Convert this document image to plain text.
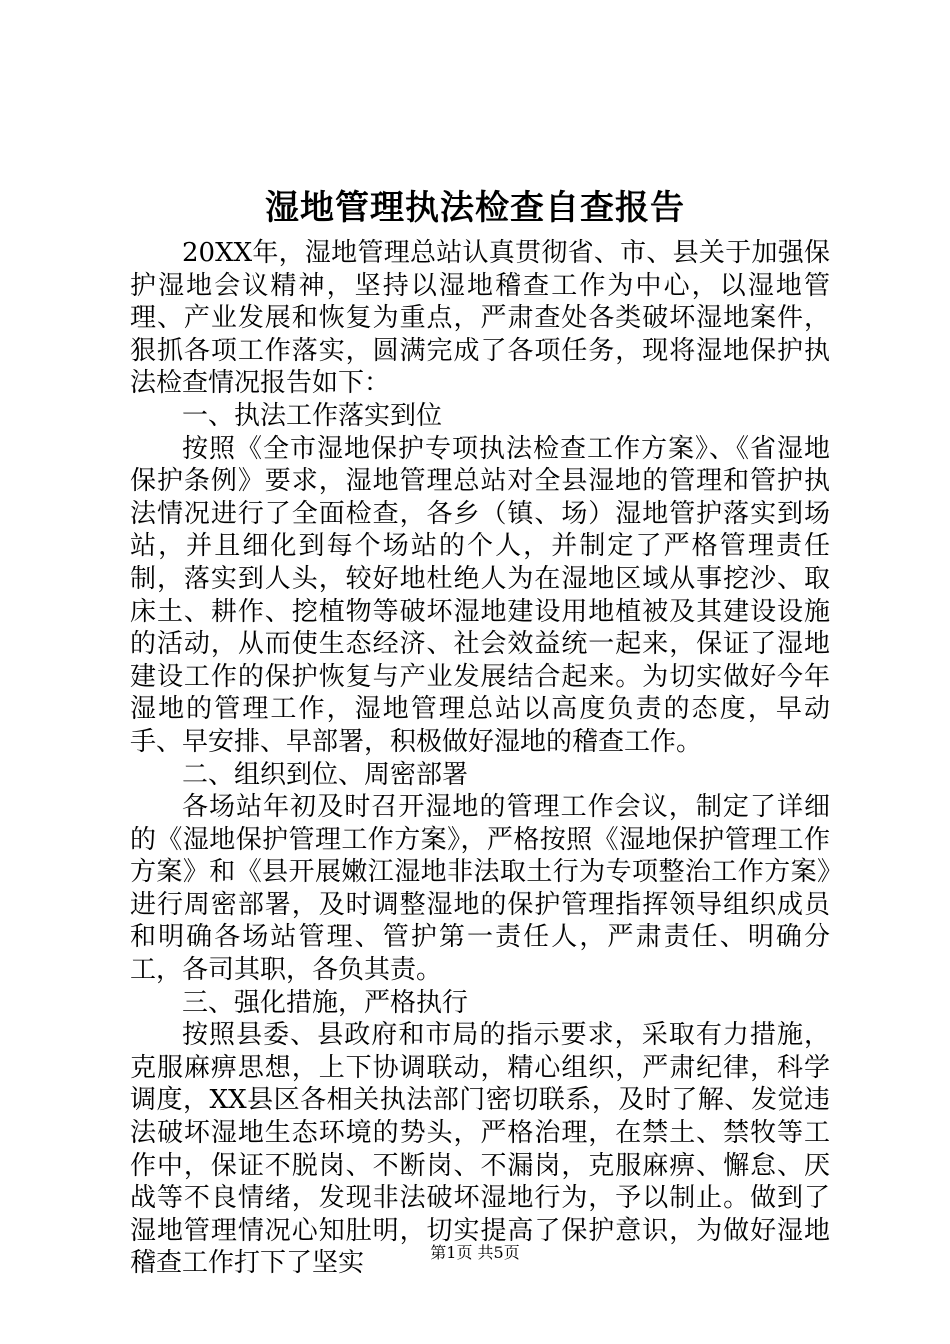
湿地管理执法检查自查报告

20XX年，湿地管理总站认真贯彻省、市、县关于加强保护湿地会议精神，坚持以湿地稽查工作为中心，以湿地管理、产业发展和恢复为重点，严肃查处各类破坏湿地案件，狠抓各项工作落实，圆满完成了各项任务，现将湿地保护执法检查情况报告如下：

一、执法工作落实到位

按照《全市湿地保护专项执法检查工作方案》、《省湿地保护条例》要求，湿地管理总站对全县湿地的管理和管护执法情况进行了全面检查，各乡（镇、场）湿地管护落实到场站，并且细化到每个场站的个人，并制定了严格管理责任制，落实到人头，较好地杜绝人为在湿地区域从事挖沙、取床土、耕作、挖植物等破坏湿地建设用地植被及其建设设施的活动，从而使生态经济、社会效益统一起来，保证了湿地建设工作的保护恢复与产业发展结合起来。为切实做好今年湿地的管理工作，湿地管理总站以高度负责的态度，早动手、早安排、早部署，积极做好湿地的稽查工作。

二、组织到位、周密部署

各场站年初及时召开湿地的管理工作会议，制定了详细的《湿地保护管理工作方案》，严格按照《湿地保护管理工作方案》和《县开展嫩江湿地非法取土行为专项整治工作方案》进行周密部署，及时调整湿地的保护管理指挥领导组织成员和明确各场站管理、管护第一责任人，严肃责任、明确分工，各司其职，各负其责。

三、强化措施，严格执行

按照县委、县政府和市局的指示要求，采取有力措施，克服麻痹思想，上下协调联动，精心组织，严肃纪律，科学调度，XX县区各相关执法部门密切联系，及时了解、发觉违法破坏湿地生态环境的势头，严格治理，在禁土、禁牧等工作中，保证不脱岗、不断岗、不漏岗，克服麻痹、懈怠、厌战等不良情绪，发现非法破坏湿地行为，予以制止。做到了湿地管理情况心知肚明，切实提高了保护意识，为做好湿地稽查工作打下了坚实	第1页 共5页
